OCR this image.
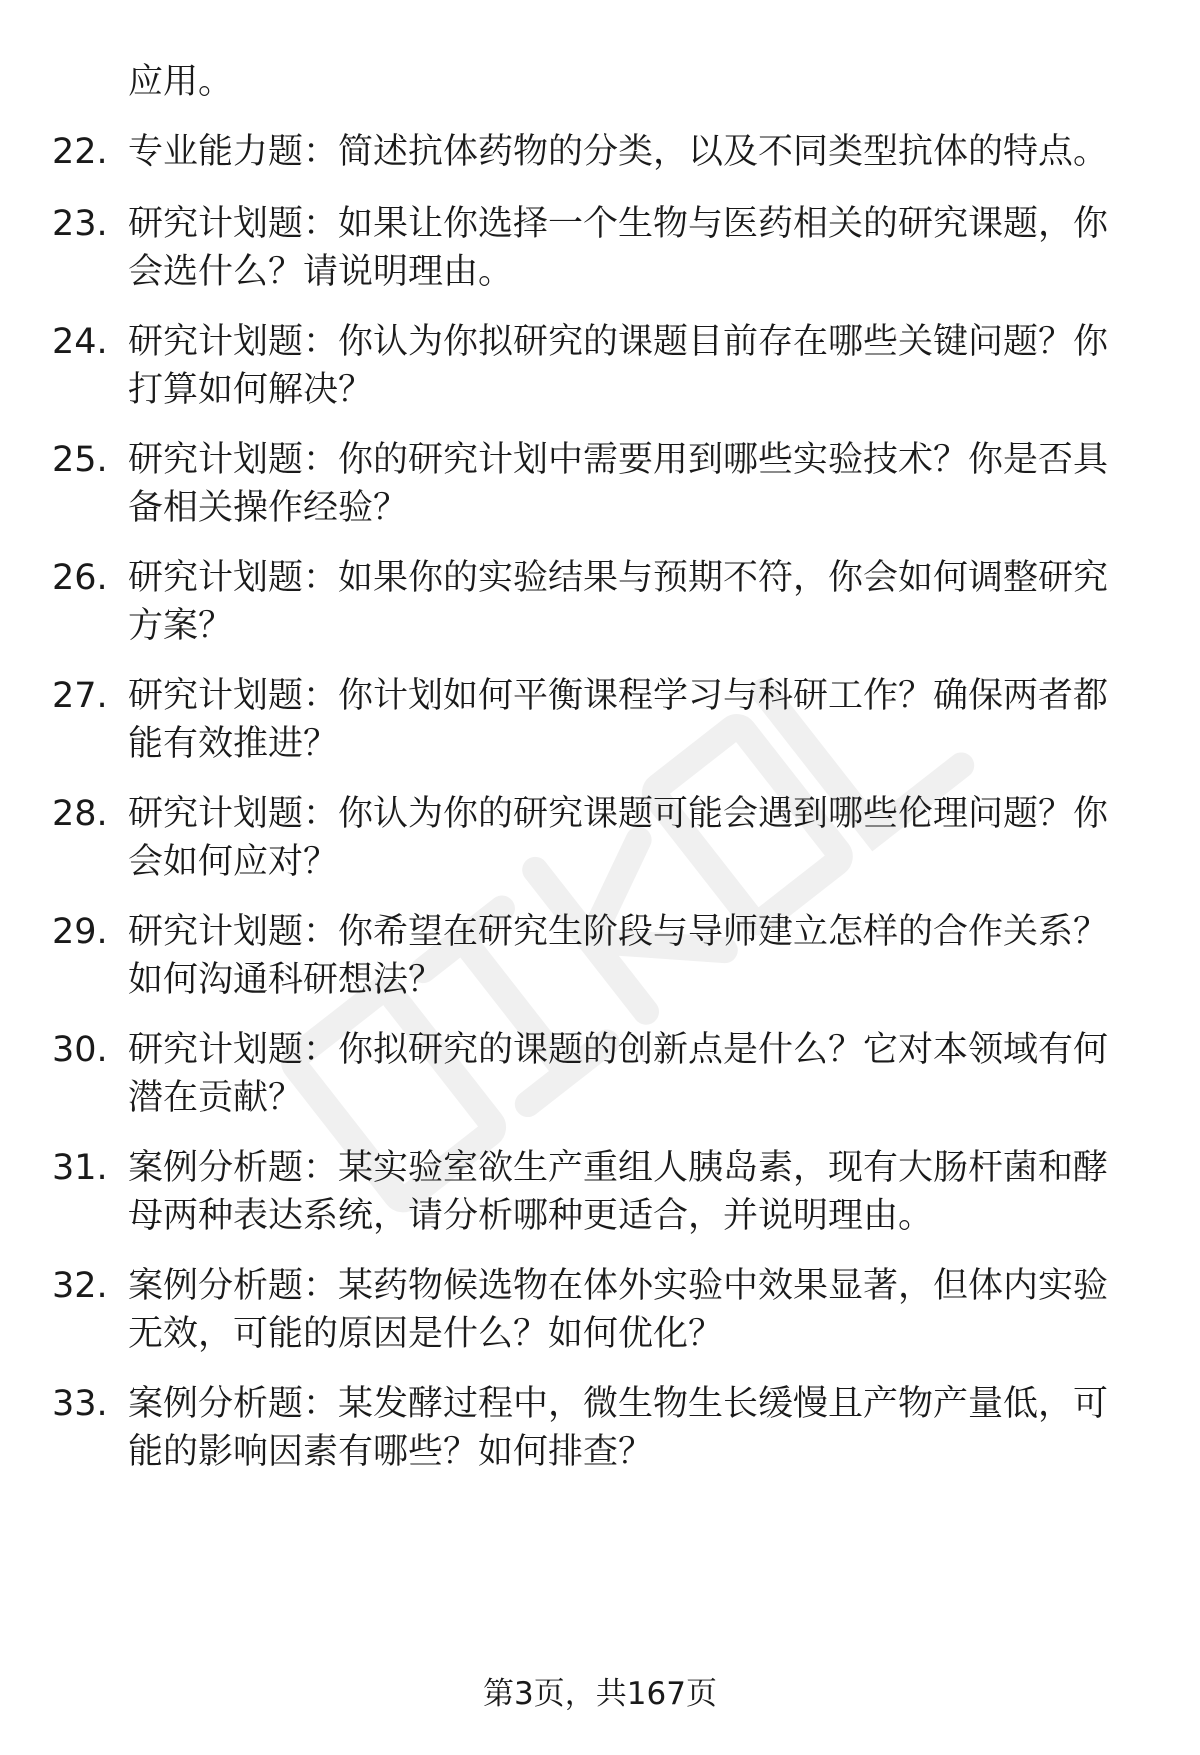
应用。
22. 专业能力题：简述抗体药物的分类，以及不同类型抗体的特点。
23. 研究计划题：如果让你选择一个生物与医药相关的研究课题，你
会选什么？请说明理由。
24. 研究计划题：你认为你拟研究的课题目前存在哪些关键问题？你
打算如何解决？
25. 研究计划题：你的研究计划中需要用到哪些实验技术？你是否具
备相关操作经验？
26. 研究计划题：如果你的实验结果与预期不符，你会如何调整研究
方案？
27. 研究计划题：你计划如何平衡课程学习与科研工作？确保两者都
能有效推进？
28. 研究计划题：你认为你的研究课题可能会遇到哪些伦理问题？你
会如何应对？
29. 研究计划题：你希望在研究生阶段与导师建立怎样的合作关系？
如何沟通科研想法？
30. 研究计划题：你拟研究的课题的创新点是什么？它对本领域有何
潜在贡献？
31. 案例分析题：某实验室欲生产重组人胰岛素，现有大肠杆菌和酵
母两种表达系统，请分析哪种更适合，并说明理由。
32. 案例分析题：某药物候选物在体外实验中效果显著，但体内实验
无效，可能的原因是什么？如何优化？
33. 案例分析题：某发酵过程中，微生物生长缓慢且产物产量低，可
能的影响因素有哪些？如何排查？
第3页，共167页
